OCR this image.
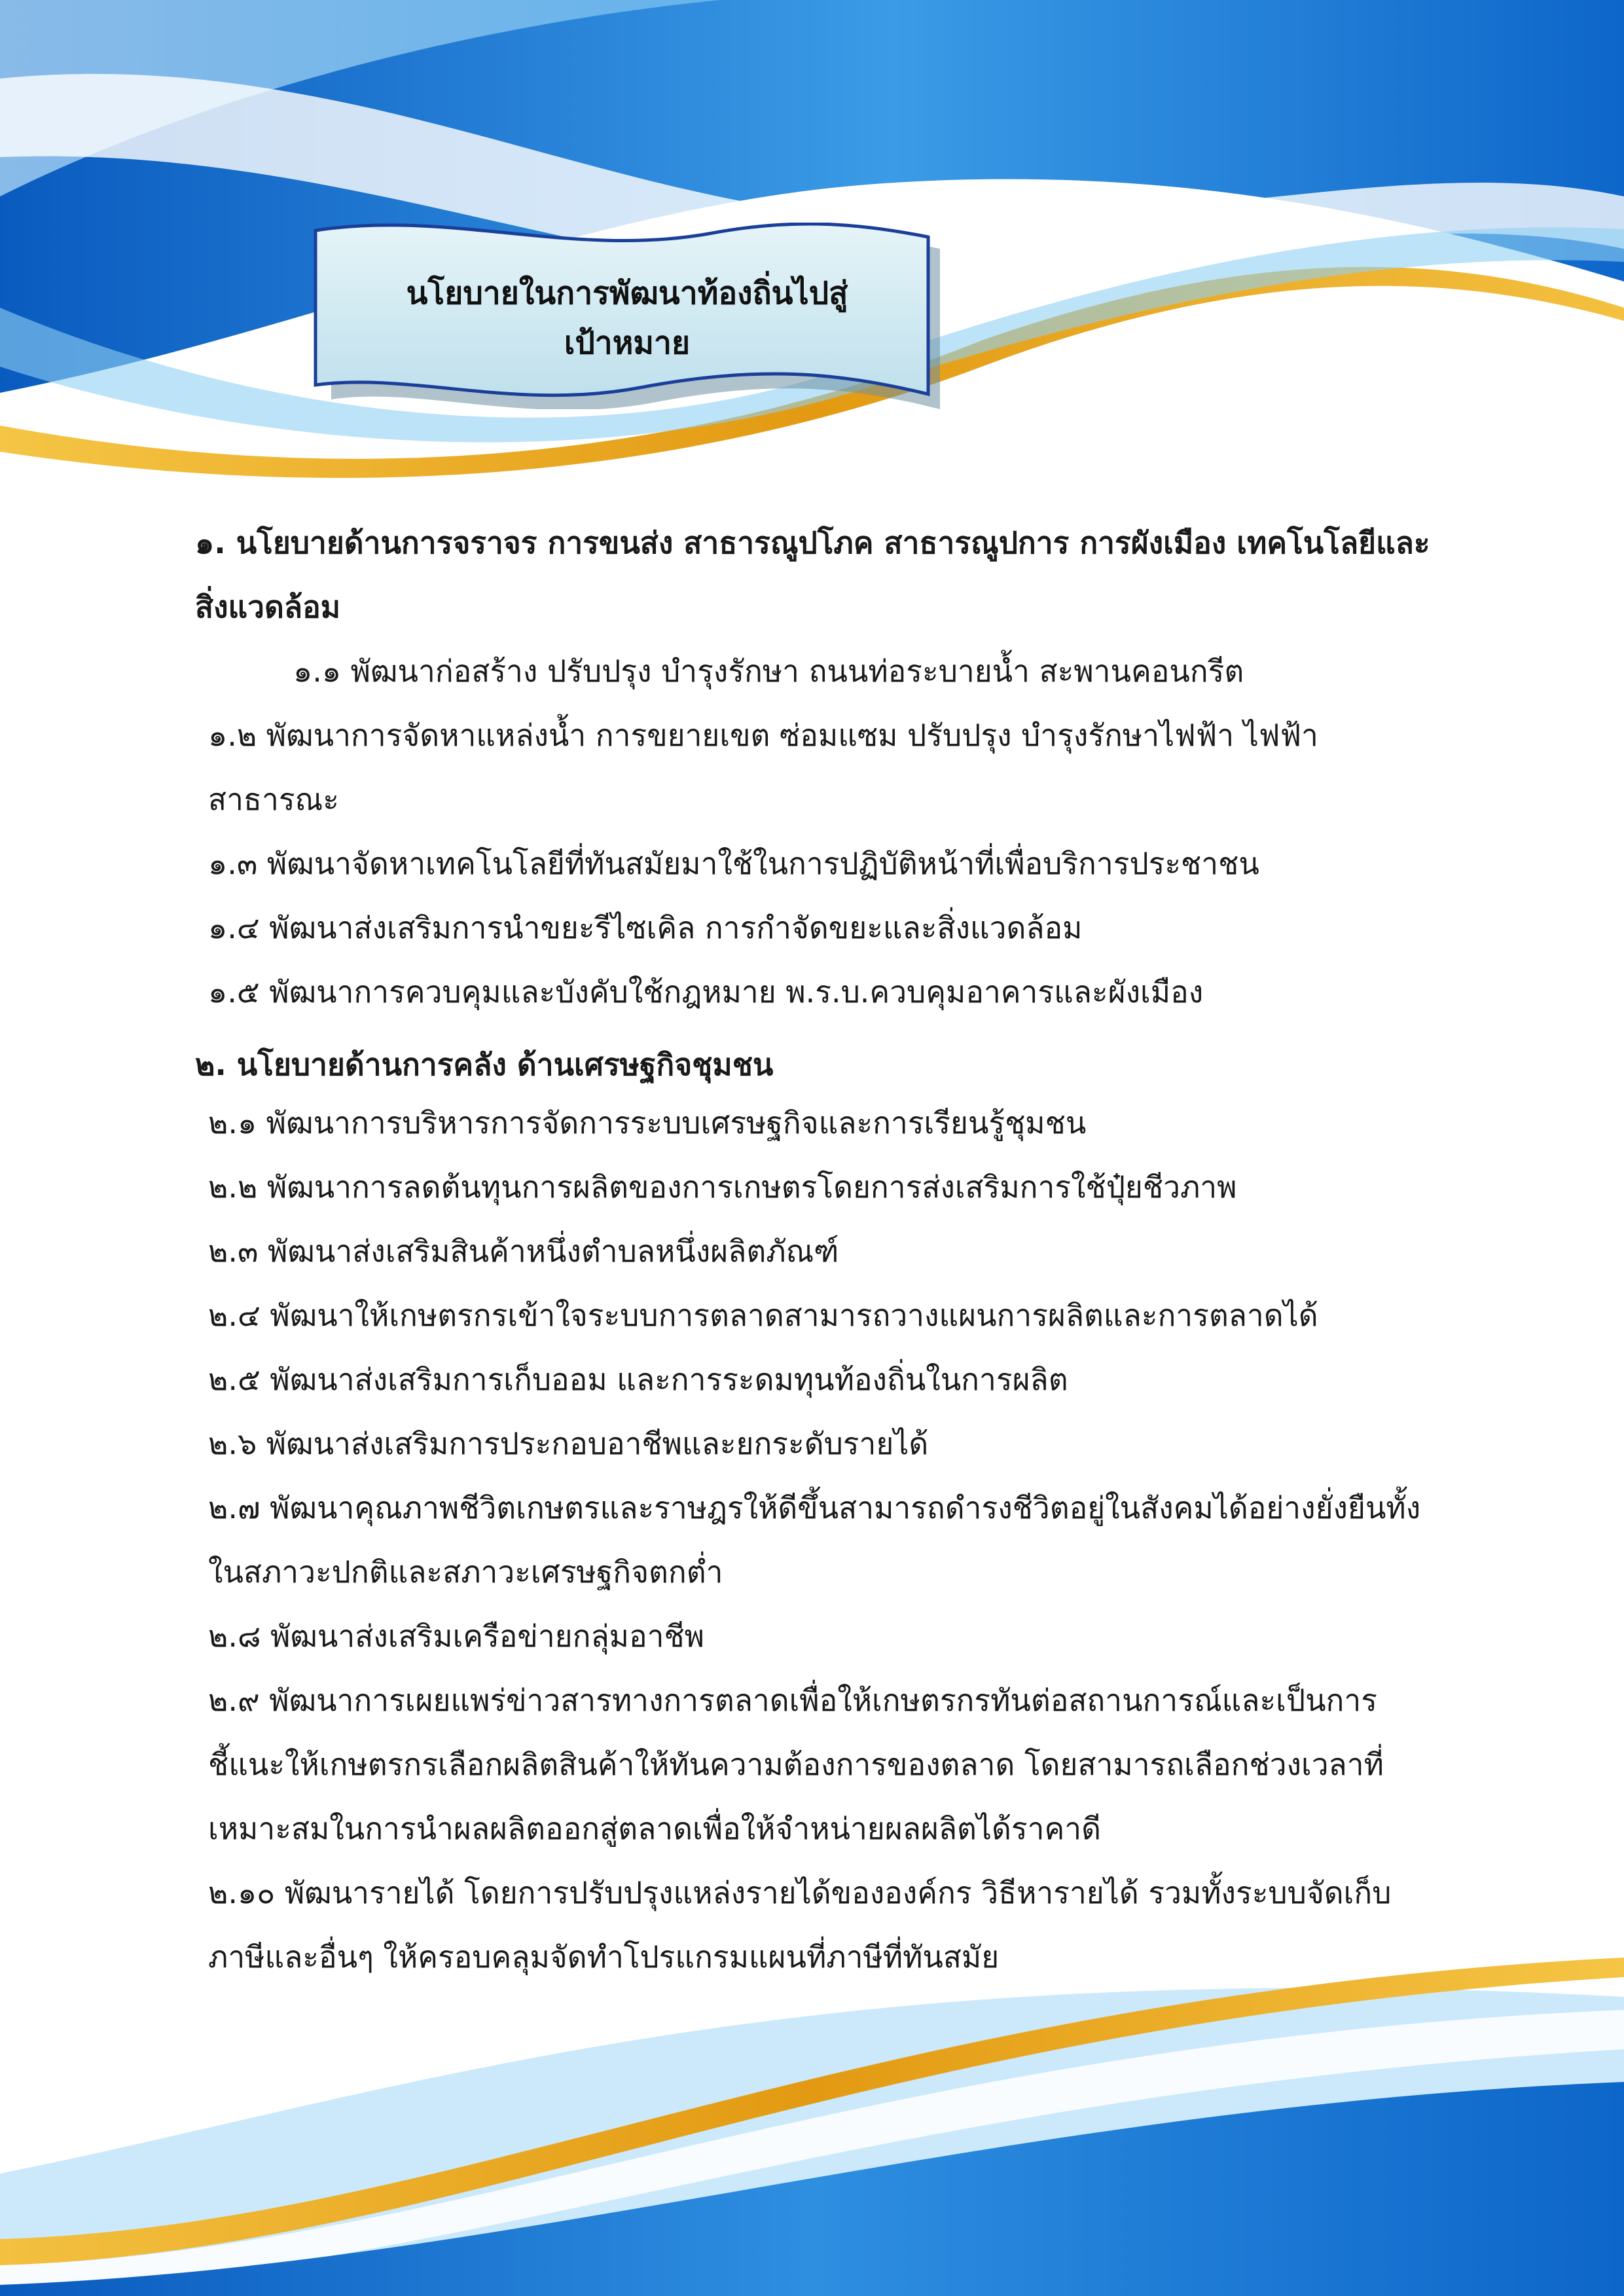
นโยบายในการพัฒนาท้องถิ่นไปสู่
เป้าหมาย

๑. นโยบายด้านการจราจร การขนส่ง สาธารณูปโภค สาธารณูปการ การผังเมือง เทคโนโลยีและสิ่งแวดล้อม

๑.๑ พัฒนาก่อสร้าง ปรับปรุง บำรุงรักษา ถนนท่อระบายน้ำ สะพานคอนกรีต

๑.๒ พัฒนาการจัดหาแหล่งน้ำ การขยายเขต ซ่อมแซม ปรับปรุง บำรุงรักษาไฟฟ้า ไฟฟ้าสาธารณะ

๑.๓ พัฒนาจัดหาเทคโนโลยีที่ทันสมัยมาใช้ในการปฏิบัติหน้าที่เพื่อบริการประชาชน

๑.๔ พัฒนาส่งเสริมการนำขยะรีไซเคิล การกำจัดขยะและสิ่งแวดล้อม

๑.๕ พัฒนาการควบคุมและบังคับใช้กฎหมาย พ.ร.บ.ควบคุมอาคารและผังเมือง

๒. นโยบายด้านการคลัง ด้านเศรษฐกิจชุมชน

๒.๑ พัฒนาการบริหารการจัดการระบบเศรษฐกิจและการเรียนรู้ชุมชน

๒.๒ พัฒนาการลดต้นทุนการผลิตของการเกษตรโดยการส่งเสริมการใช้ปุ๋ยชีวภาพ

๒.๓ พัฒนาส่งเสริมสินค้าหนึ่งตำบลหนึ่งผลิตภัณฑ์

๒.๔ พัฒนาให้เกษตรกรเข้าใจระบบการตลาดสามารถวางแผนการผลิตและการตลาดได้

๒.๕ พัฒนาส่งเสริมการเก็บออม และการระดมทุนท้องถิ่นในการผลิต

๒.๖ พัฒนาส่งเสริมการประกอบอาชีพและยกระดับรายได้

๒.๗ พัฒนาคุณภาพชีวิตเกษตรและราษฎรให้ดีขึ้นสามารถดำรงชีวิตอยู่ในสังคมได้อย่างยั่งยืนทั้งในสภาวะปกติและสภาวะเศรษฐกิจตกต่ำ

๒.๘ พัฒนาส่งเสริมเครือข่ายกลุ่มอาชีพ

๒.๙ พัฒนาการเผยแพร่ข่าวสารทางการตลาดเพื่อให้เกษตรกรทันต่อสถานการณ์และเป็นการชี้แนะให้เกษตรกรเลือกผลิตสินค้าให้ทันความต้องการของตลาด โดยสามารถเลือกช่วงเวลาที่เหมาะสมในการนำผลผลิตออกสู่ตลาดเพื่อให้จำหน่ายผลผลิตได้ราคาดี

๒.๑๐ พัฒนารายได้ โดยการปรับปรุงแหล่งรายได้ขององค์กร วิธีหารายได้ รวมทั้งระบบจัดเก็บภาษีและอื่นๆ ให้ครอบคลุมจัดทำโปรแกรมแผนที่ภาษีที่ทันสมัย
